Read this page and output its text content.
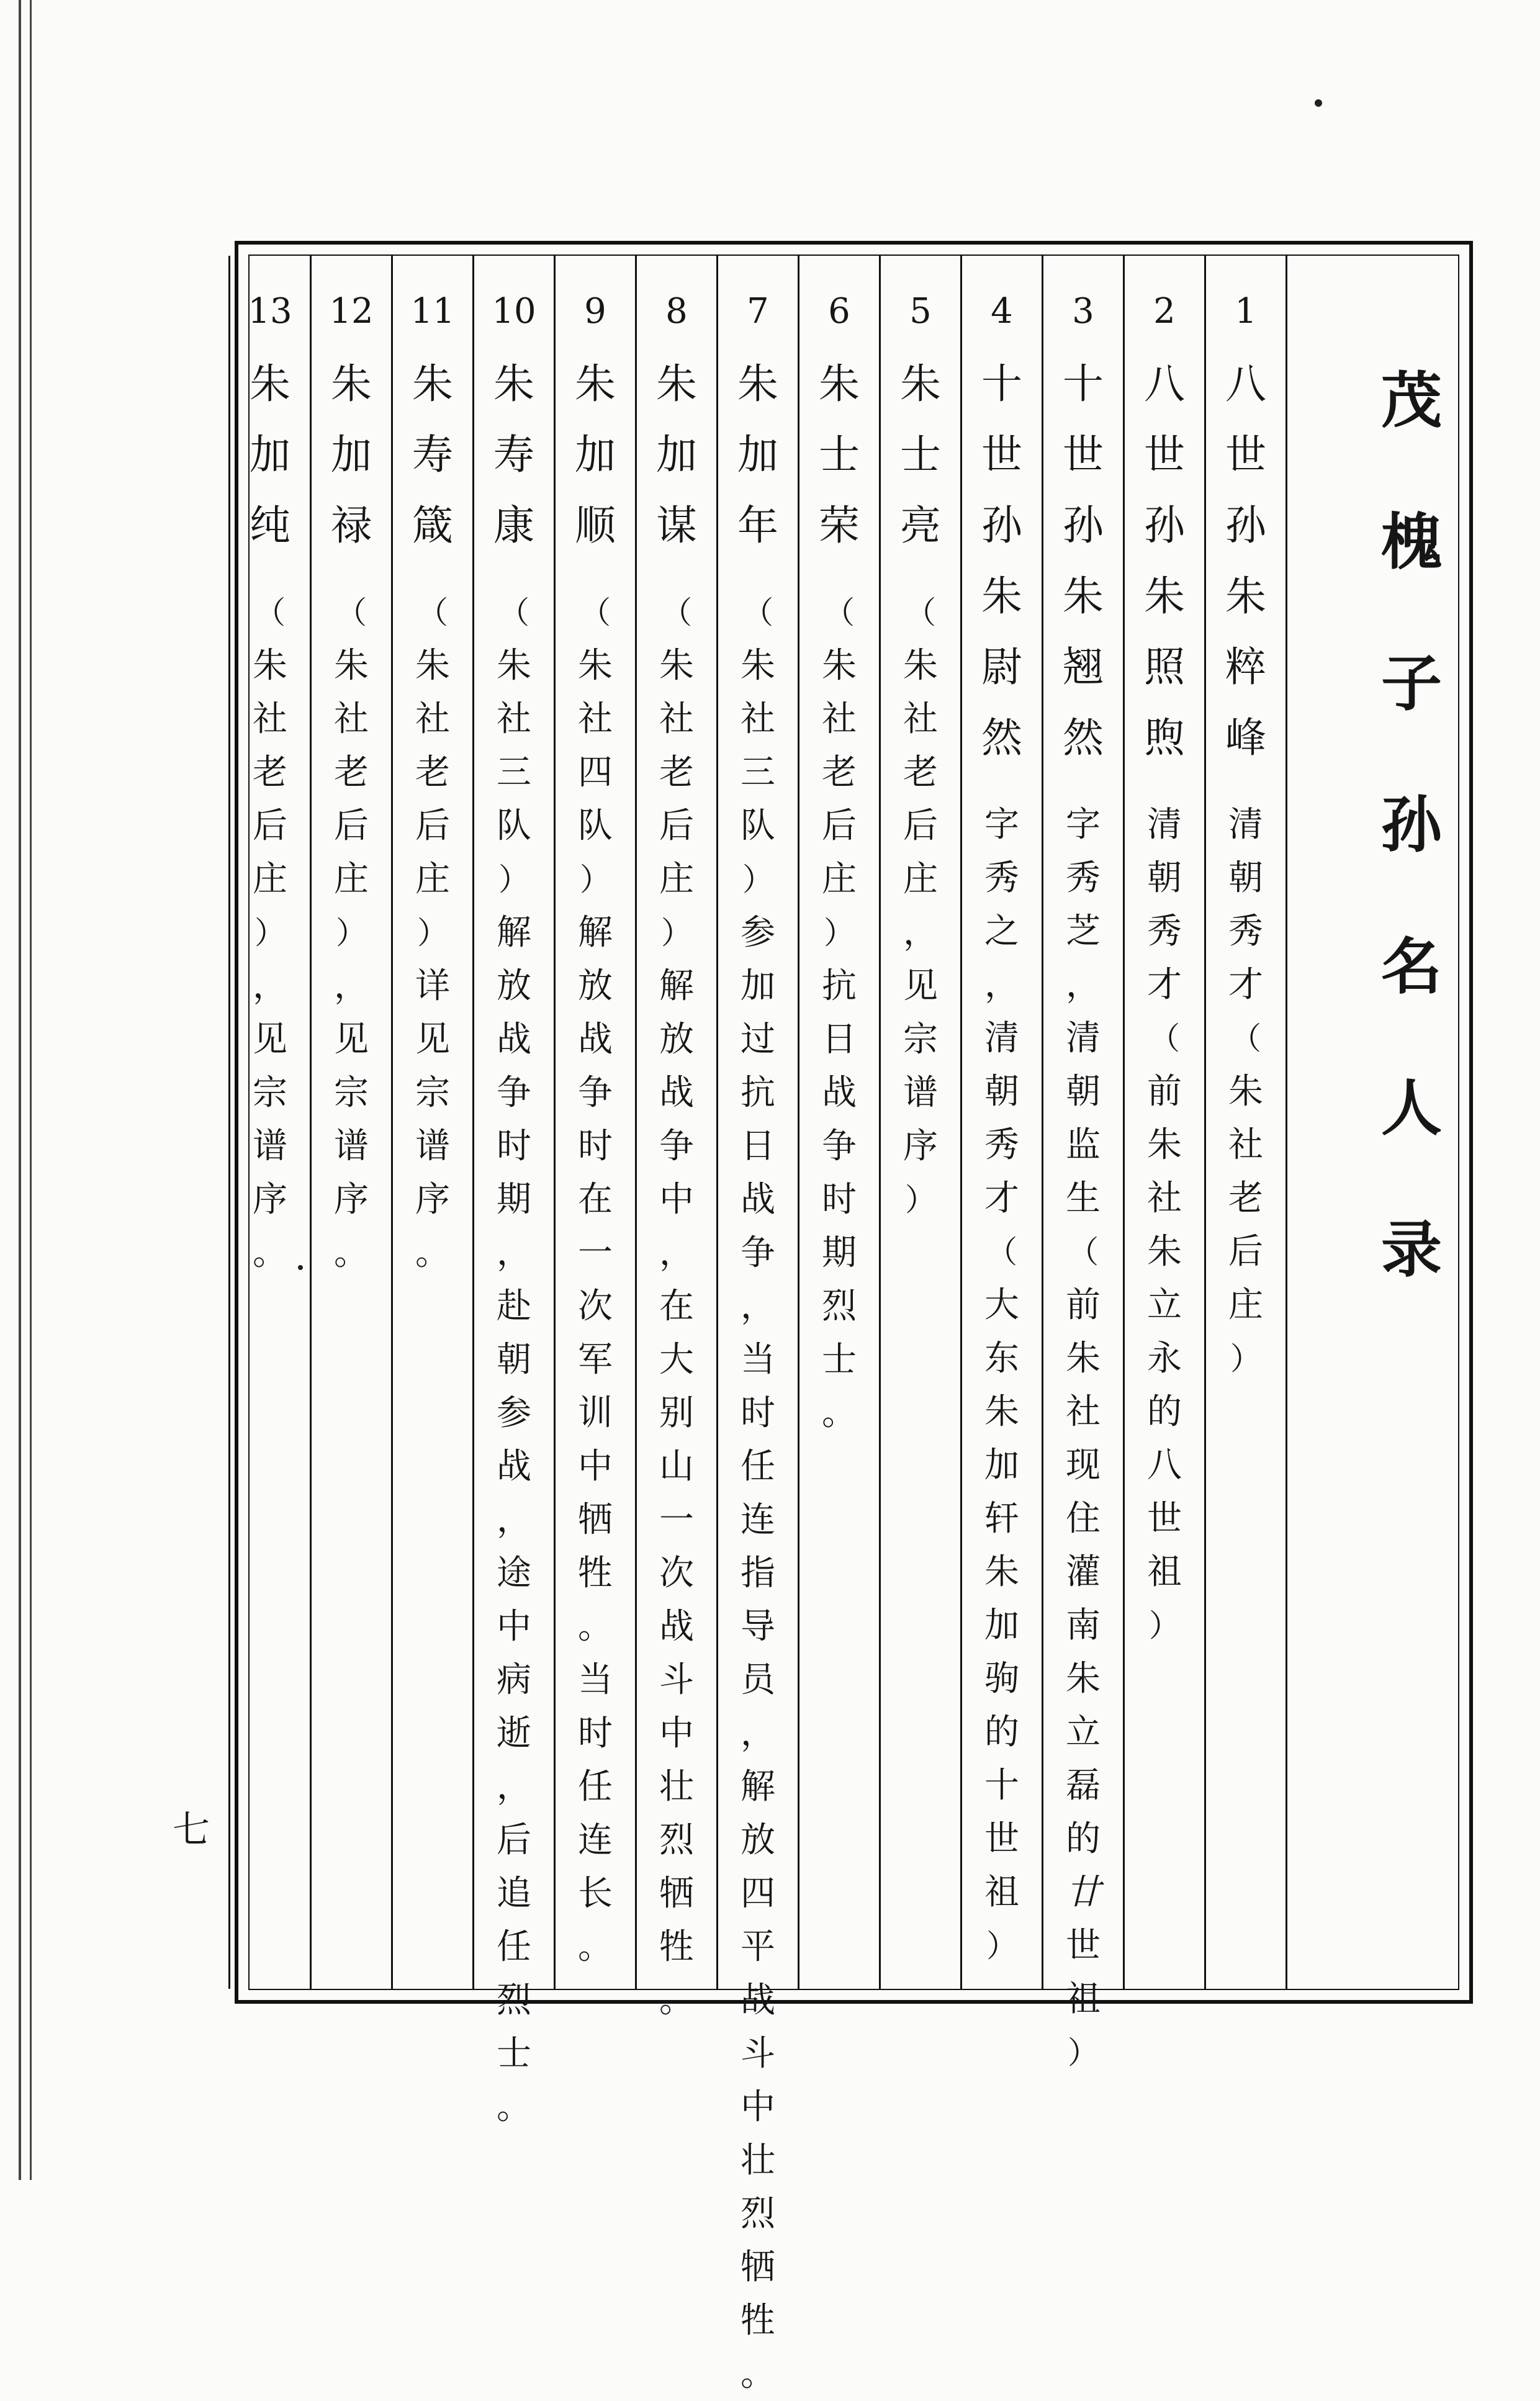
茂
槐
子
孙
名
人
录
1
八
世
孙
朱
粹
峰
清
朝
秀
才
（
朱
社
老
后
庄
）
2
八
世
孙
朱
照
煦
清
朝
秀
才
（
前
朱
社
朱
立
永
的
八
世
祖
）
3
十
世
孙
朱
翘
然
字
秀
芝
，
清
朝
监
生
（
前
朱
社
现
住
灌
南
朱
立
磊
的
廿
世
祖
）
4
十
世
孙
朱
尉
然
字
秀
之
，
清
朝
秀
才
（
大
东
朱
加
轩
朱
加
驹
的
十
世
祖
）
5
朱
士
亮
（
朱
社
老
后
庄
，
见
宗
谱
序
）
6
朱
士
荣
（
朱
社
老
后
庄
）
抗
日
战
争
时
期
烈
士
。
7
朱
加
年
（
朱
社
三
队
）
参
加
过
抗
日
战
争
，
当
时
任
连
指
导
员
，
解
放
四
平
战
斗
中
壮
烈
牺
牲
。
8
朱
加
谋
（
朱
社
老
后
庄
）
解
放
战
争
中
，
在
大
别
山
一
次
战
斗
中
壮
烈
牺
牲
。
9
朱
加
顺
（
朱
社
四
队
）
解
放
战
争
时
在
一
次
军
训
中
牺
牲
。
当
时
任
连
长
。
10
朱
寿
康
（
朱
社
三
队
）
解
放
战
争
时
期
，
赴
朝
参
战
，
途
中
病
逝
，
后
追
任
烈
士
。
11
朱
寿
箴
（
朱
社
老
后
庄
）
详
见
宗
谱
序
。
12
朱
加
禄
（
朱
社
老
后
庄
）
，
见
宗
谱
序
。
13
朱
加
纯
（
朱
社
老
后
庄
）
，
见
宗
谱
序
。
七
